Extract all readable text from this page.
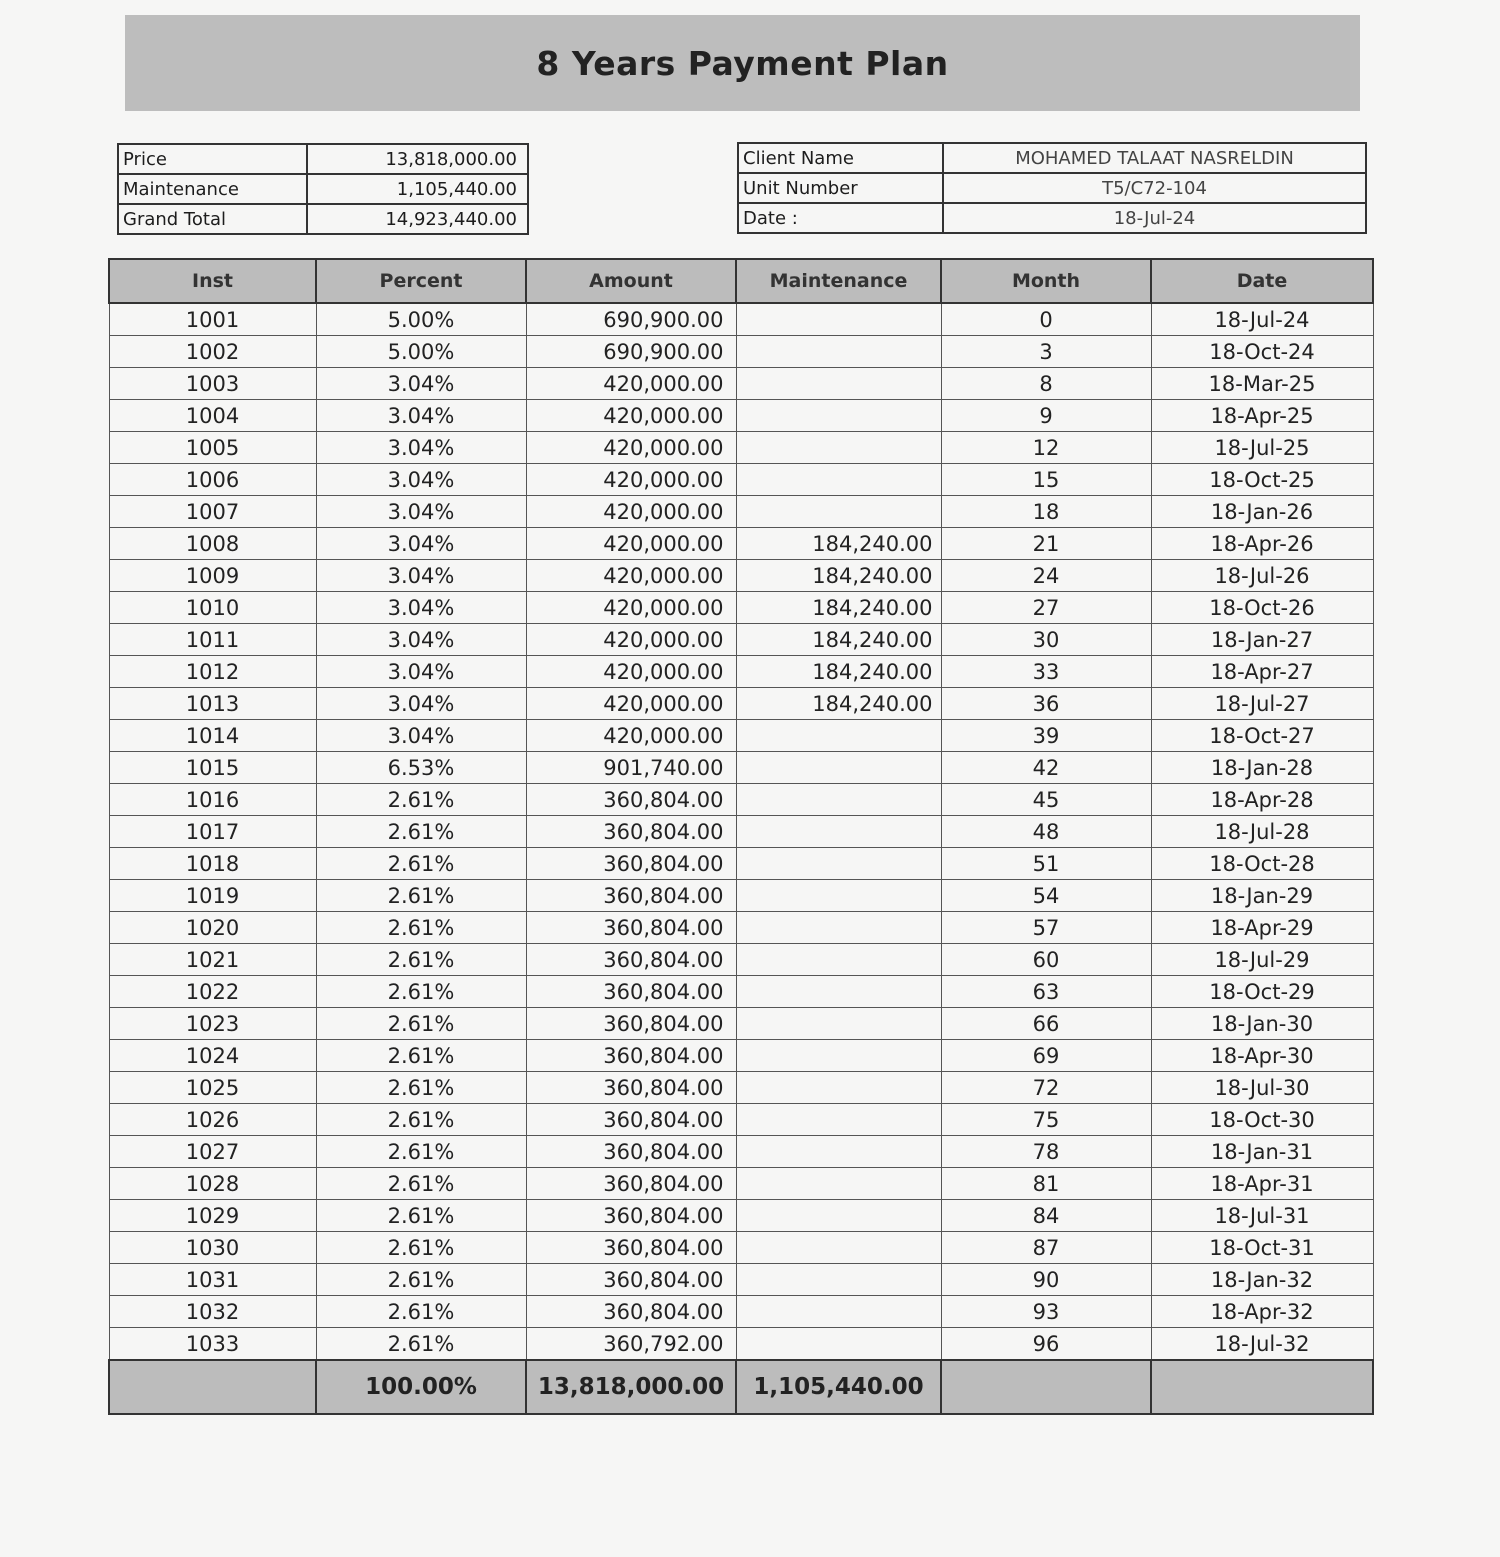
8 Years Payment Plan
Price	13,818,000.00
Maintenance	1,105,440.00
Grand Total	14,923,440.00
Client Name	MOHAMED TALAAT NASRELDIN
Unit Number	T5/C72-104
Date :	18-Jul-24
Inst	Percent	Amount	Maintenance	Month	Date
1001	5.00%	690,900.00		0	18-Jul-24
1002	5.00%	690,900.00		3	18-Oct-24
1003	3.04%	420,000.00		8	18-Mar-25
1004	3.04%	420,000.00		9	18-Apr-25
1005	3.04%	420,000.00		12	18-Jul-25
1006	3.04%	420,000.00		15	18-Oct-25
1007	3.04%	420,000.00		18	18-Jan-26
1008	3.04%	420,000.00	184,240.00	21	18-Apr-26
1009	3.04%	420,000.00	184,240.00	24	18-Jul-26
1010	3.04%	420,000.00	184,240.00	27	18-Oct-26
1011	3.04%	420,000.00	184,240.00	30	18-Jan-27
1012	3.04%	420,000.00	184,240.00	33	18-Apr-27
1013	3.04%	420,000.00	184,240.00	36	18-Jul-27
1014	3.04%	420,000.00		39	18-Oct-27
1015	6.53%	901,740.00		42	18-Jan-28
1016	2.61%	360,804.00		45	18-Apr-28
1017	2.61%	360,804.00		48	18-Jul-28
1018	2.61%	360,804.00		51	18-Oct-28
1019	2.61%	360,804.00		54	18-Jan-29
1020	2.61%	360,804.00		57	18-Apr-29
1021	2.61%	360,804.00		60	18-Jul-29
1022	2.61%	360,804.00		63	18-Oct-29
1023	2.61%	360,804.00		66	18-Jan-30
1024	2.61%	360,804.00		69	18-Apr-30
1025	2.61%	360,804.00		72	18-Jul-30
1026	2.61%	360,804.00		75	18-Oct-30
1027	2.61%	360,804.00		78	18-Jan-31
1028	2.61%	360,804.00		81	18-Apr-31
1029	2.61%	360,804.00		84	18-Jul-31
1030	2.61%	360,804.00		87	18-Oct-31
1031	2.61%	360,804.00		90	18-Jan-32
1032	2.61%	360,804.00		93	18-Apr-32
1033	2.61%	360,792.00		96	18-Jul-32
	100.00%	13,818,000.00	1,105,440.00		
